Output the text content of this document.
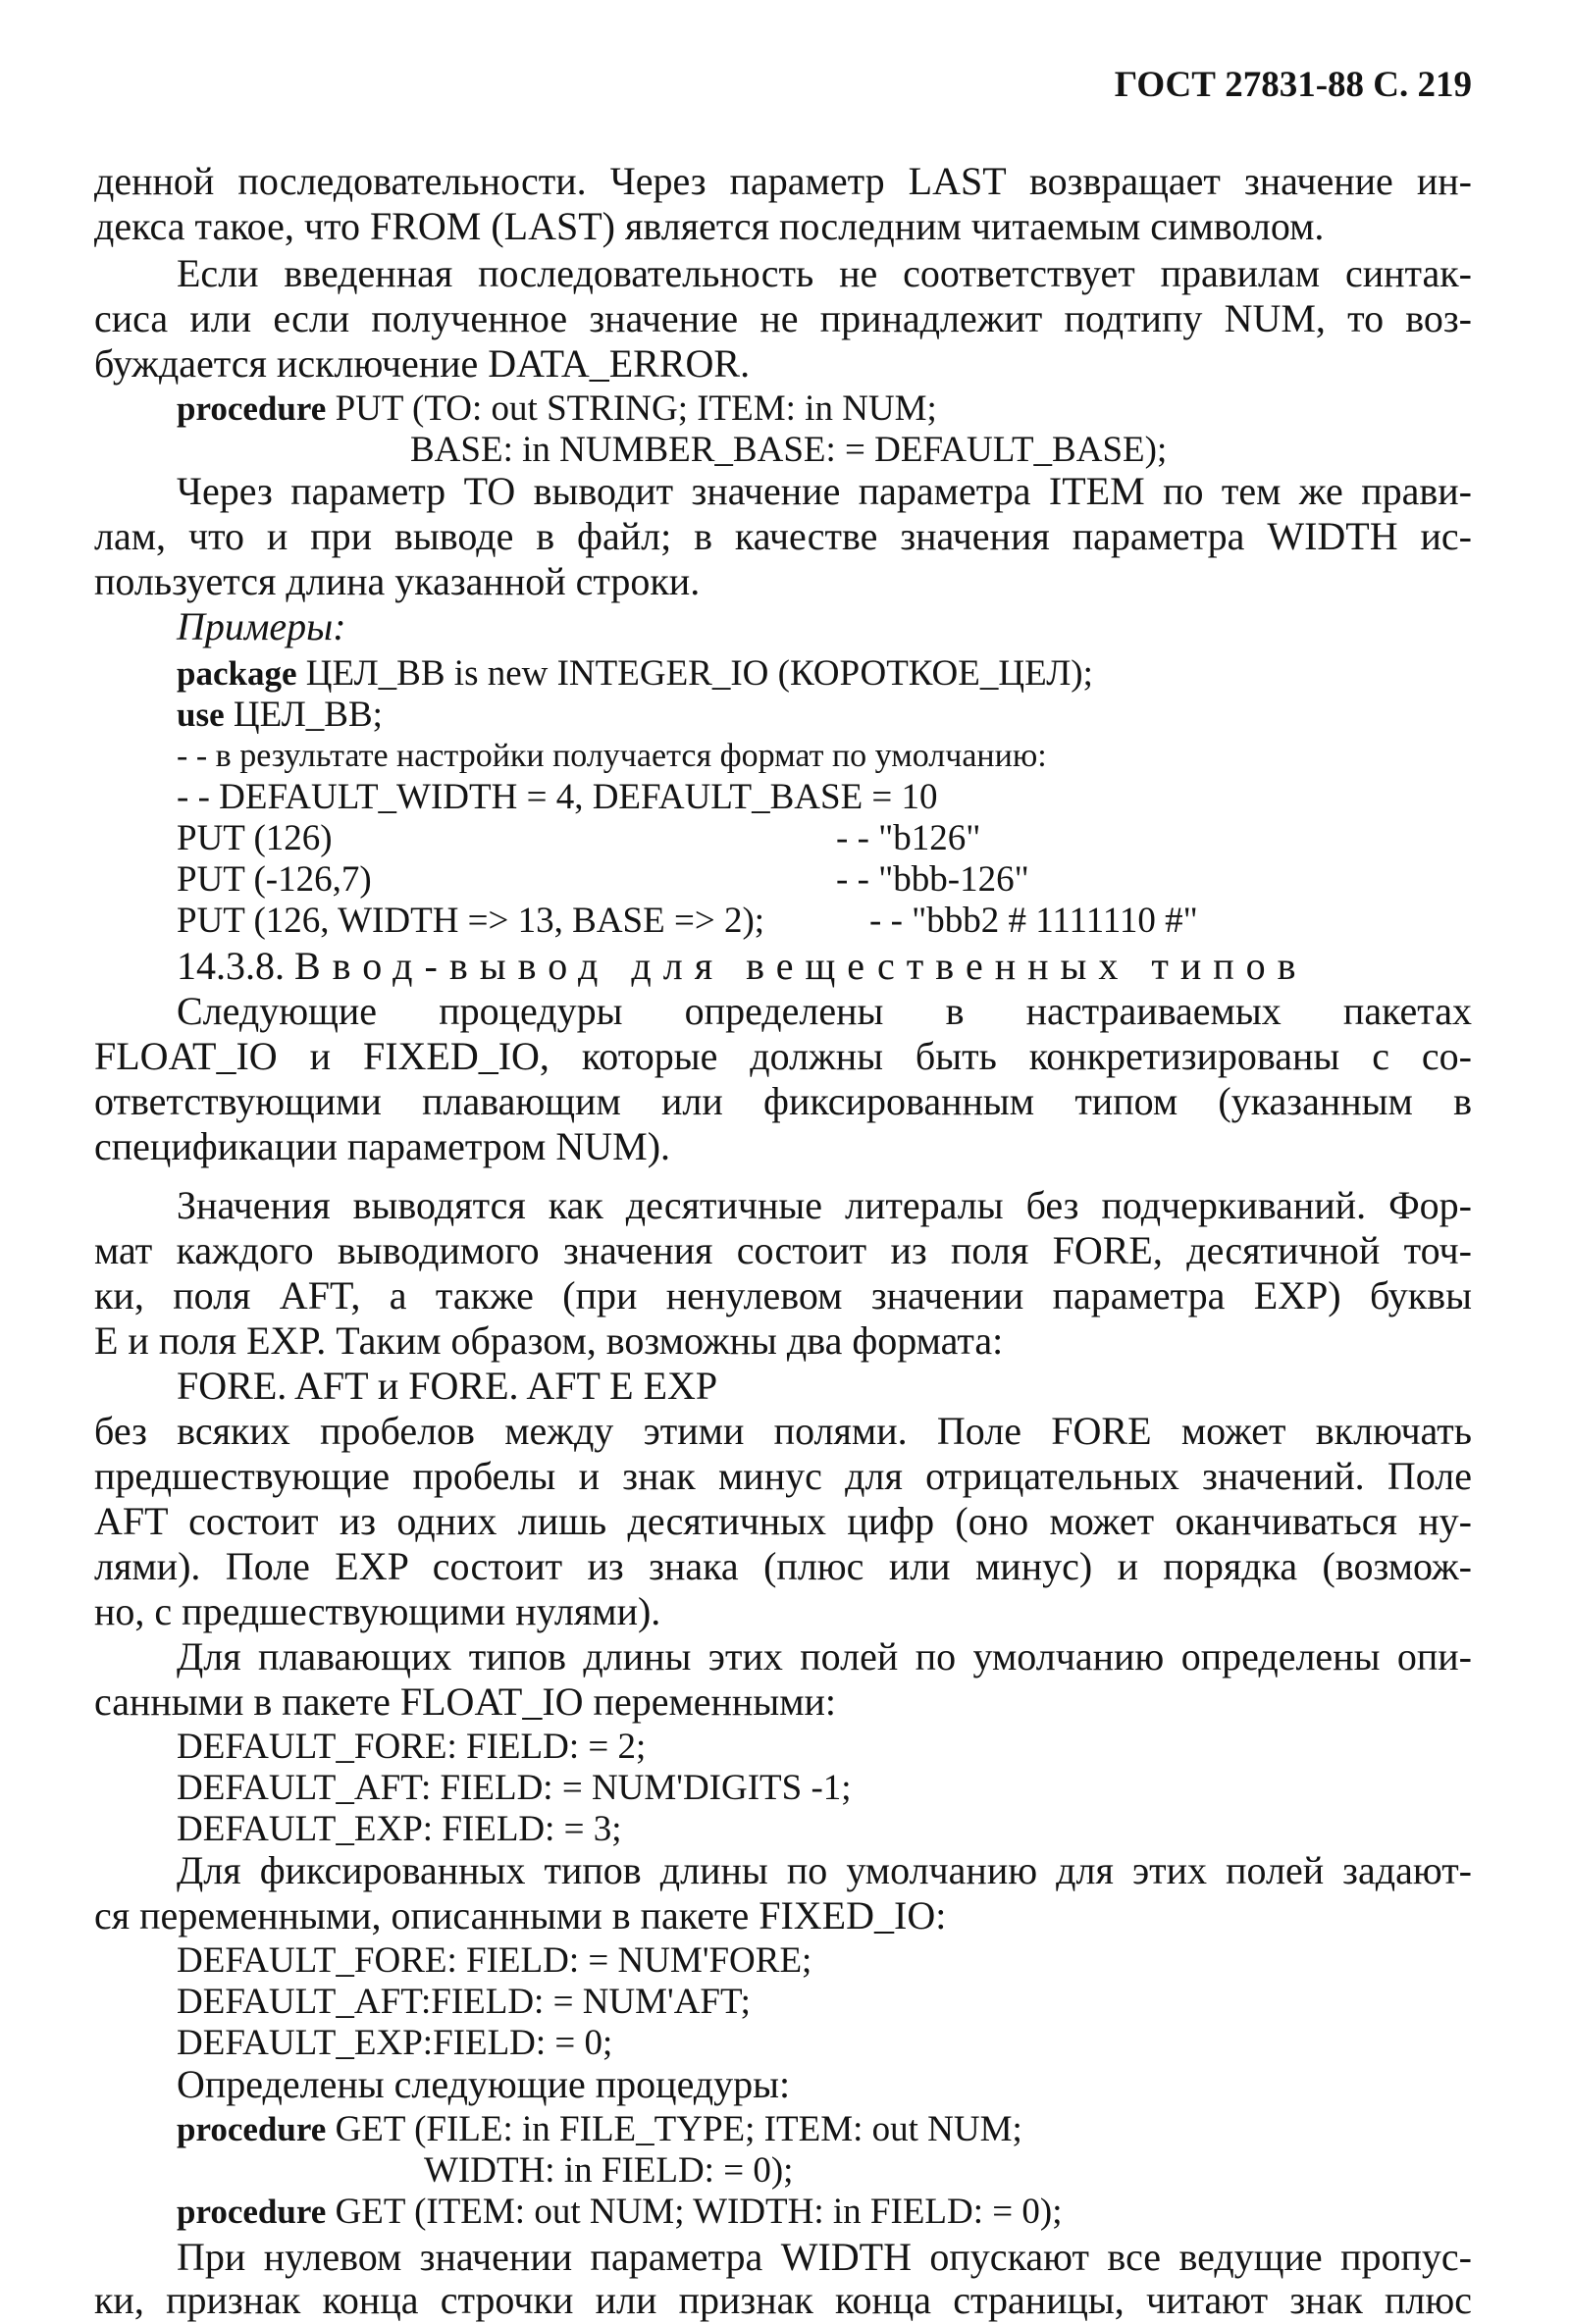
ГОСТ 27831-88 С. 219
денной последовательности. Через параметр LAST возвращает значение ин-
декса такое, что FROM (LAST) является последним читаемым символом.
Если введенная последовательность не соответствует правилам синтак-
сиса или если полученное значение не принадлежит подтипу NUM, то воз-
буждается исключение DATA_ERROR.
procedure PUT (TO: out STRING; ITEM: in NUM;
BASE: in NUMBER_BASE: = DEFAULT_BASE);
Через параметр TO выводит значение параметра ITEM по тем же прави-
лам, что и при выводе в файл; в качестве значения параметра WIDTH ис-
пользуется длина указанной строки.
Примеры:
package ЦЕЛ_ВВ is new INTEGER_IO (КОРОТКОЕ_ЦЕЛ);
use ЦЕЛ_ВВ;
- - в результате настройки получается формат по умолчанию:
- - DEFAULT_WIDTH = 4, DEFAULT_BASE = 10
PUT (126)	- - "b126"
PUT (-126,7)	- - "bbb-126"
PUT (126, WIDTH => 13, BASE => 2);	- - "bbb2 # 1111110 #"
14.3.8. Ввод-вывод для вещественных типов
Следующие процедуры определены в настраиваемых пакетах
FLOAT_IO и FIXED_IO, которые должны быть конкретизированы с со-
ответствующими плавающим или фиксированным типом (указанным в
спецификации параметром NUM).
Значения выводятся как десятичные литералы без подчеркиваний. Фор-
мат каждого выводимого значения состоит из поля FORE, десятичной точ-
ки, поля AFT, а также (при ненулевом значении параметра EXP) буквы
E и поля EXP. Таким образом, возможны два формата:
FORE. AFT и FORE. AFT E EXP
без всяких пробелов между этими полями. Поле FORE может включать
предшествующие пробелы и знак минус для отрицательных значений. Поле
AFT состоит из одних лишь десятичных цифр (оно может оканчиваться ну-
лями). Поле EXP состоит из знака (плюс или минус) и порядка (возмож-
но, с предшествующими нулями).
Для плавающих типов длины этих полей по умолчанию определены опи-
санными в пакете FLOAT_IO переменными:
DEFAULT_FORE: FIELD: = 2;
DEFAULT_AFT: FIELD: = NUM'DIGITS -1;
DEFAULT_EXP: FIELD: = 3;
Для фиксированных типов длины по умолчанию для этих полей задают-
ся переменными, описанными в пакете FIXED_IO:
DEFAULT_FORE: FIELD: = NUM'FORE;
DEFAULT_AFT:FIELD: = NUM'AFT;
DEFAULT_EXP:FIELD: = 0;
Определены следующие процедуры:
procedure GET (FILE: in FILE_TYPE; ITEM: out NUM;
WIDTH: in FIELD: = 0);
procedure GET (ITEM: out NUM; WIDTH: in FIELD: = 0);
При нулевом значении параметра WIDTH опускают все ведущие пропус-
ки, признак конца строчки или признак конца страницы, читают знак плюс
